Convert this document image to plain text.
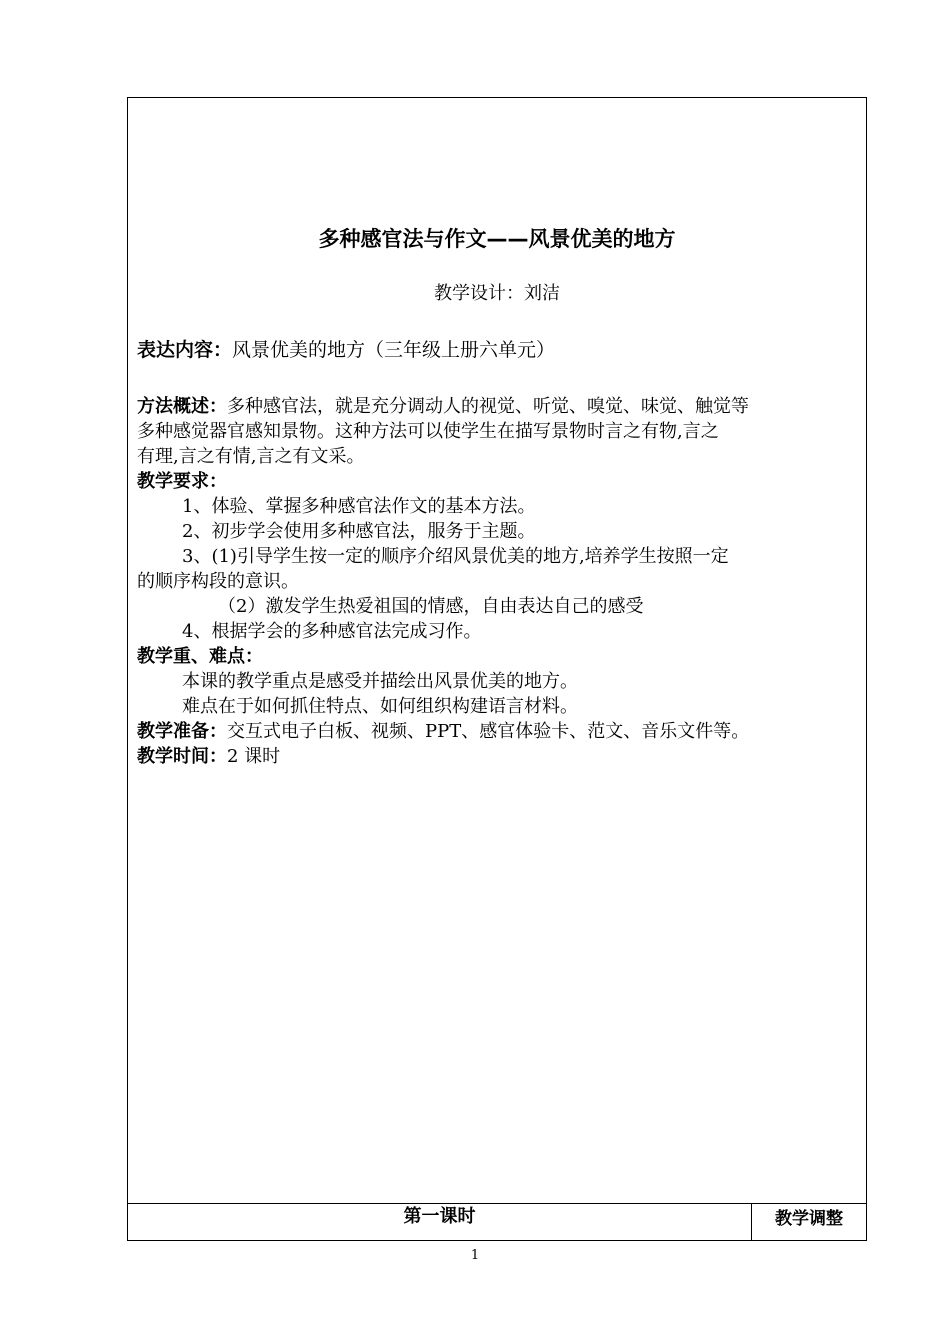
多种感官法与作文——风景优美的地方
教学设计：刘洁
表达内容：风景优美的地方（三年级上册六单元）
方法概述：多种感官法，就是充分调动人的视觉、听觉、嗅觉、味觉、触觉等
多种感觉器官感知景物。这种方法可以使学生在描写景物时言之有物,言之
有理,言之有情,言之有文采。
教学要求：
1、体验、掌握多种感官法作文的基本方法。
2、初步学会使用多种感官法，服务于主题。
3、(1)引导学生按一定的顺序介绍风景优美的地方,培养学生按照一定
的顺序构段的意识。
（2）激发学生热爱祖国的情感，自由表达自己的感受
4、根据学会的多种感官法完成习作。
教学重、难点：
本课的教学重点是感受并描绘出风景优美的地方。
难点在于如何抓住特点、如何组织构建语言材料。
教学准备：交互式电子白板、视频、PPT、感官体验卡、范文、音乐文件等。
教学时间：2 课时
第一课时	教学调整
1
